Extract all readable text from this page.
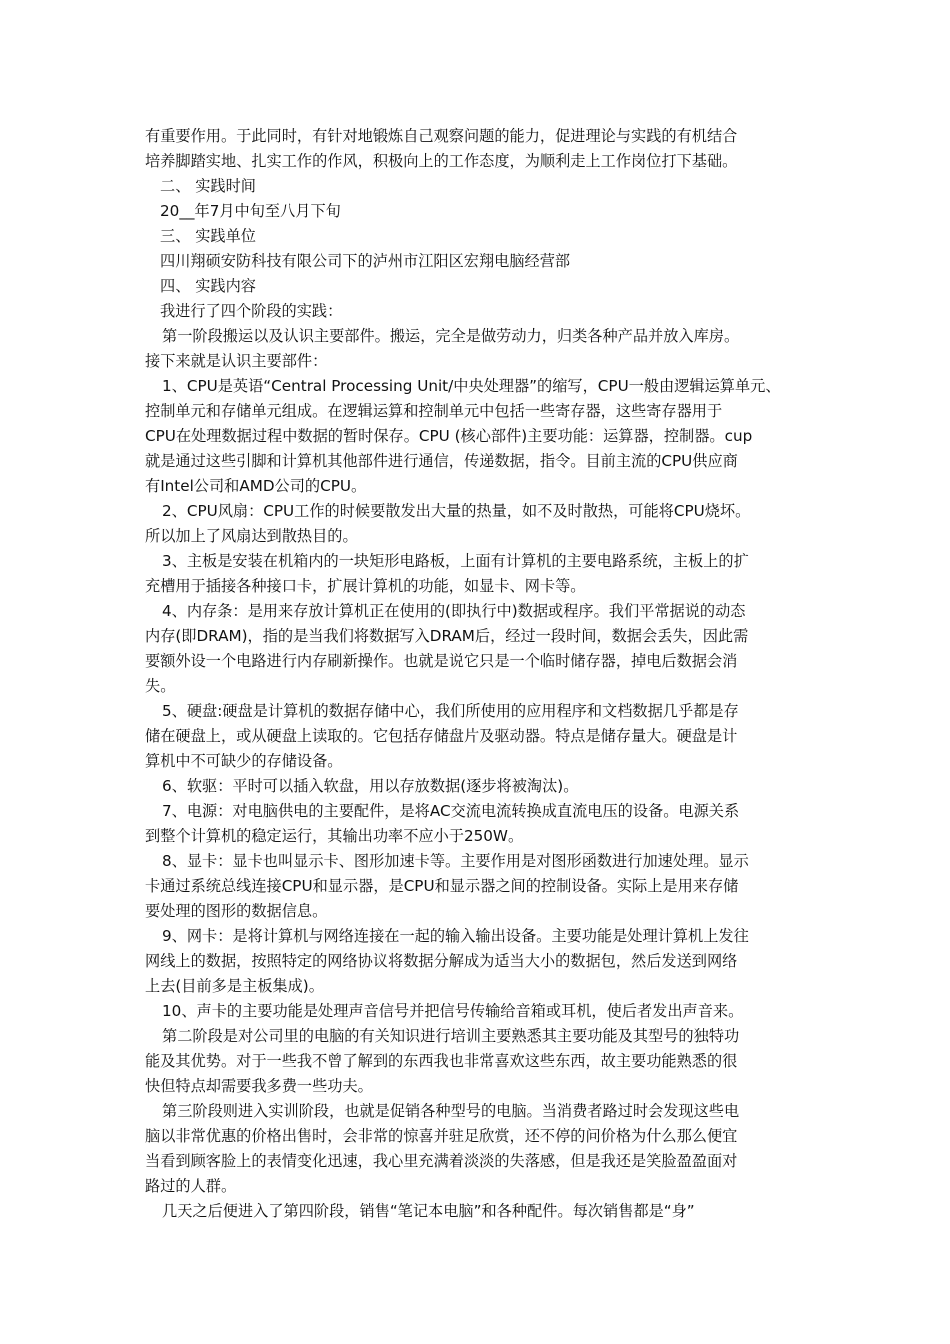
有重要作用。于此同时，有针对地锻炼自己观察问题的能力，促进理论与实践的有机结合
培养脚踏实地、扎实工作的作风，积极向上的工作态度，为顺利走上工作岗位打下基础。
二、 实践时间
20__年7月中旬至八月下旬
三、 实践单位
四川翔硕安防科技有限公司下的泸州市江阳区宏翔电脑经营部
四、 实践内容
我进行了四个阶段的实践：
第一阶段搬运以及认识主要部件。搬运，完全是做劳动力，归类各种产品并放入库房。
接下来就是认识主要部件：
1、CPU是英语“Central Processing Unit/中央处理器”的缩写，CPU一般由逻辑运算单元、
控制单元和存储单元组成。在逻辑运算和控制单元中包括一些寄存器，这些寄存器用于
CPU在处理数据过程中数据的暂时保存。CPU (核心部件)主要功能：运算器，控制器。cup
就是通过这些引脚和计算机其他部件进行通信，传递数据，指令。目前主流的CPU供应商
有Intel公司和AMD公司的CPU。
2、CPU风扇：CPU工作的时候要散发出大量的热量，如不及时散热，可能将CPU烧坏。
所以加上了风扇达到散热目的。
3、主板是安装在机箱内的一块矩形电路板，上面有计算机的主要电路系统，主板上的扩
充槽用于插接各种接口卡，扩展计算机的功能，如显卡、网卡等。
4、内存条：是用来存放计算机正在使用的(即执行中)数据或程序。我们平常据说的动态
内存(即DRAM)，指的是当我们将数据写入DRAM后，经过一段时间，数据会丢失，因此需
要额外设一个电路进行内存刷新操作。也就是说它只是一个临时储存器，掉电后数据会消
失。
5、硬盘:硬盘是计算机的数据存储中心，我们所使用的应用程序和文档数据几乎都是存
储在硬盘上，或从硬盘上读取的。它包括存储盘片及驱动器。特点是储存量大。硬盘是计
算机中不可缺少的存储设备。
6、软驱：平时可以插入软盘，用以存放数据(逐步将被淘汰)。
7、电源：对电脑供电的主要配件，是将AC交流电流转换成直流电压的设备。电源关系
到整个计算机的稳定运行，其输出功率不应小于250W。
8、显卡：显卡也叫显示卡、图形加速卡等。主要作用是对图形函数进行加速处理。显示
卡通过系统总线连接CPU和显示器，是CPU和显示器之间的控制设备。实际上是用来存储
要处理的图形的数据信息。
9、网卡：是将计算机与网络连接在一起的输入输出设备。主要功能是处理计算机上发往
网线上的数据，按照特定的网络协议将数据分解成为适当大小的数据包，然后发送到网络
上去(目前多是主板集成)。
10、声卡的主要功能是处理声音信号并把信号传输给音箱或耳机，使后者发出声音来。
第二阶段是对公司里的电脑的有关知识进行培训主要熟悉其主要功能及其型号的独特功
能及其优势。对于一些我不曾了解到的东西我也非常喜欢这些东西，故主要功能熟悉的很
快但特点却需要我多费一些功夫。
第三阶段则进入实训阶段，也就是促销各种型号的电脑。当消费者路过时会发现这些电
脑以非常优惠的价格出售时，会非常的惊喜并驻足欣赏，还不停的问价格为什么那么便宜
当看到顾客脸上的表情变化迅速，我心里充满着淡淡的失落感，但是我还是笑脸盈盈面对
路过的人群。
几天之后便进入了第四阶段，销售“笔记本电脑”和各种配件。每次销售都是“身”
